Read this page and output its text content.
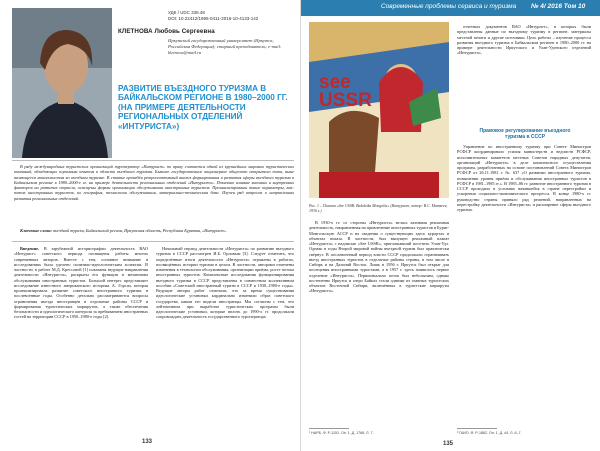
УДК / UDC 338.48
DOI: 10.22412/1995-0411-2016-10-4133-142
КЛЕТНОВА Любовь Сергеевна
Иркутский государственный университет (Иркутск, Российская Федерация); старший преподаватель; e-mail: kletnova@mail.ru
РАЗВИТИЕ ВЪЕЗДНОГО ТУРИЗМА В БАЙКАЛЬСКОМ РЕГИОНЕ В 1980–2000 ГГ. (НА ПРИМЕРЕ ДЕЯТЕЛЬНОСТИ РЕГИОНАЛЬНЫХ ОТДЕЛЕНИЙ «ИНТУРИСТА»)

В ряду международных туристских организаций туроператор «Интурист» по праву считается одной из крупнейших мировых туристических компаний, обладающих огромным опытом в области въездного туризма. Бывшее государственное акционерное общество открытого типа, ныне являющееся монополистом во въездном туризме. В статье проведён ретроспективный анализ формирования и развития сферы въездного туризма в Байкальском регионе в 1980–2000-е гг. на примере деятельности региональных отделений «Интуриста». Показано влияние внешних и внутренних факторов на развитие отрасли, освещены формы организации обслуживания иностранных туристов. Проанализированы такие параметры, как: поток иностранных туристов, их география, технологии обслуживания, материально-техническая база. Изучен ряд вопросов о направлениях развития региональных отделений.

Ключевые слова: въездной туризм, Байкальский регион, Иркутская область, Республика Бурятия, «Интурист».

Введение. В зарубежной историографии деятельность ВАО «Интурист» советского периода посвящены работы многих современных авторов. Вместе с тем, основное внимание в исследованиях было уделено политико-идеологическим аспектам. В частности, в работе М.Д. Крессовой [1] показаны ведущие направления деятельности «Интуриста», раскрыты его функции и механизмы обслуживания иностранных туристов. Большой интерес представляет исследование известного американского историка А. Горсач, которая проанализировала развитие советского иностранного туризма в послевоенные годы. Особенно детально рассматриваются вопросы ограничения въезда иностранцев в отдельные районы СССР и формирования туристических маршрутов, а также обеспечения безопасности и идеологического контроля за пребыванием иностранных гостей на территории СССР в 1950–1980-е годы [2].

Начальный период деятельности «Интуриста» по развитию въездного туризма в СССР рассмотрен И.Б. Орловым [3]. Следует отметить, что определённые итоги деятельности «Интуриста» отражены в работах, посвящённых истории туризма в целом. В частности, авторами отмечены изменения в технологии обслуживания, организации приёма, росте потока иностранных туристов. Комплексные исследования функционирования въездного туризма в СССР представлены в совместном коллективном пособии «Советский иностранный туризм в СССР в 1930–1980-е годы». Ведущие авторы работ отмечали, что за время существования идеологические установки кардинально изменили образ советского государства, каким его видели иностранцы. Мы согласны с тем, что лейтмотивом при выработке туристических программ были идеологические установки, которые вплоть до 1990-х гг. продолжали сопровождать деятельность государственного туроператора.

133
Современные проблемы сервиса и туризма № 4/ 2016 Том 10
see USSR
Рис. 1 – Плакат «See USSR. Balalaika Mongolia» (Интурист, автор: В.С. Матвеев, 1930 г.)

В 1930-х гг. со стороны «Интуриста» велась активная рекламная деятельность, направленная на привлечение иностранных туристов в Бурят-Монгольскую АССР и на сведения о существующих здесь курортах и объектах показа. В частности, был выпущен рекламный плакат «Интуриста» с надписью «See USSR», приглашавший посетить Улан-Удэ. Однако в годы Второй мировой войны въездной туризм был практически свёрнут. В послевоенный период власти СССР продолжали ограничивать въезд иностранных туристов в отдельные районы страны, в том числе в Сибирь и на Дальний Восток. Лишь в 1956 г. Иркутск был открыт для посещения иностранными туристами, а в 1957 г. здесь появилось первое отделение «Интуриста». Первоначально поток был небольшим, однако постепенно Иркутск и озеро Байкал стали одними из главных туристских объектов Восточной Сибири, включённых в туристские маршруты «Интуриста».

отчетных документов ВАО «Интурист», в которых были представлены данные по въездному туризму в регионе, материалы местной печати и другие источники. Цель работы – изучение процесса развития въездного туризма в Байкальском регионе в 1980–2000 гг. на примере деятельности Иркутского и Улан-Удэнского отделений «Интуриста».

Правовое регулирование въездного туризма в СССР

Управление по иностранному туризму при Совете Министров РСФСР координировало усилия министерств и ведомств РСФСР, исполнительных комитетов местных Советов народных депутатов, организаций «Интуриста» в деле комплексного осуществления программ, разработанных на основе постановлений Совета Министров РСФСР от 26.11.1981 г. № 637 «О развитии иностранного туризма, повышении уровня приёма и обслуживания иностранных туристов в РСФСР в 1981–1985 гг.». В 1985–86 гг. развитие иностранного туризма в СССР проходило в условиях начавшейся в стране перестройки и ускорения социально-экономического прогресса. В конце 1980-х гг. руководство страны приняло ряд решений, направленных на перестройку деятельности «Интуриста» и расширение сферы въездного туризма.

¹ НАРБ. Ф. Р-1151. Оп. 1. Д. 1768. Л. 7.	² ГАИО. Ф. Р-1862. Оп. 1. Д. 44. Л. 6–7.
135
